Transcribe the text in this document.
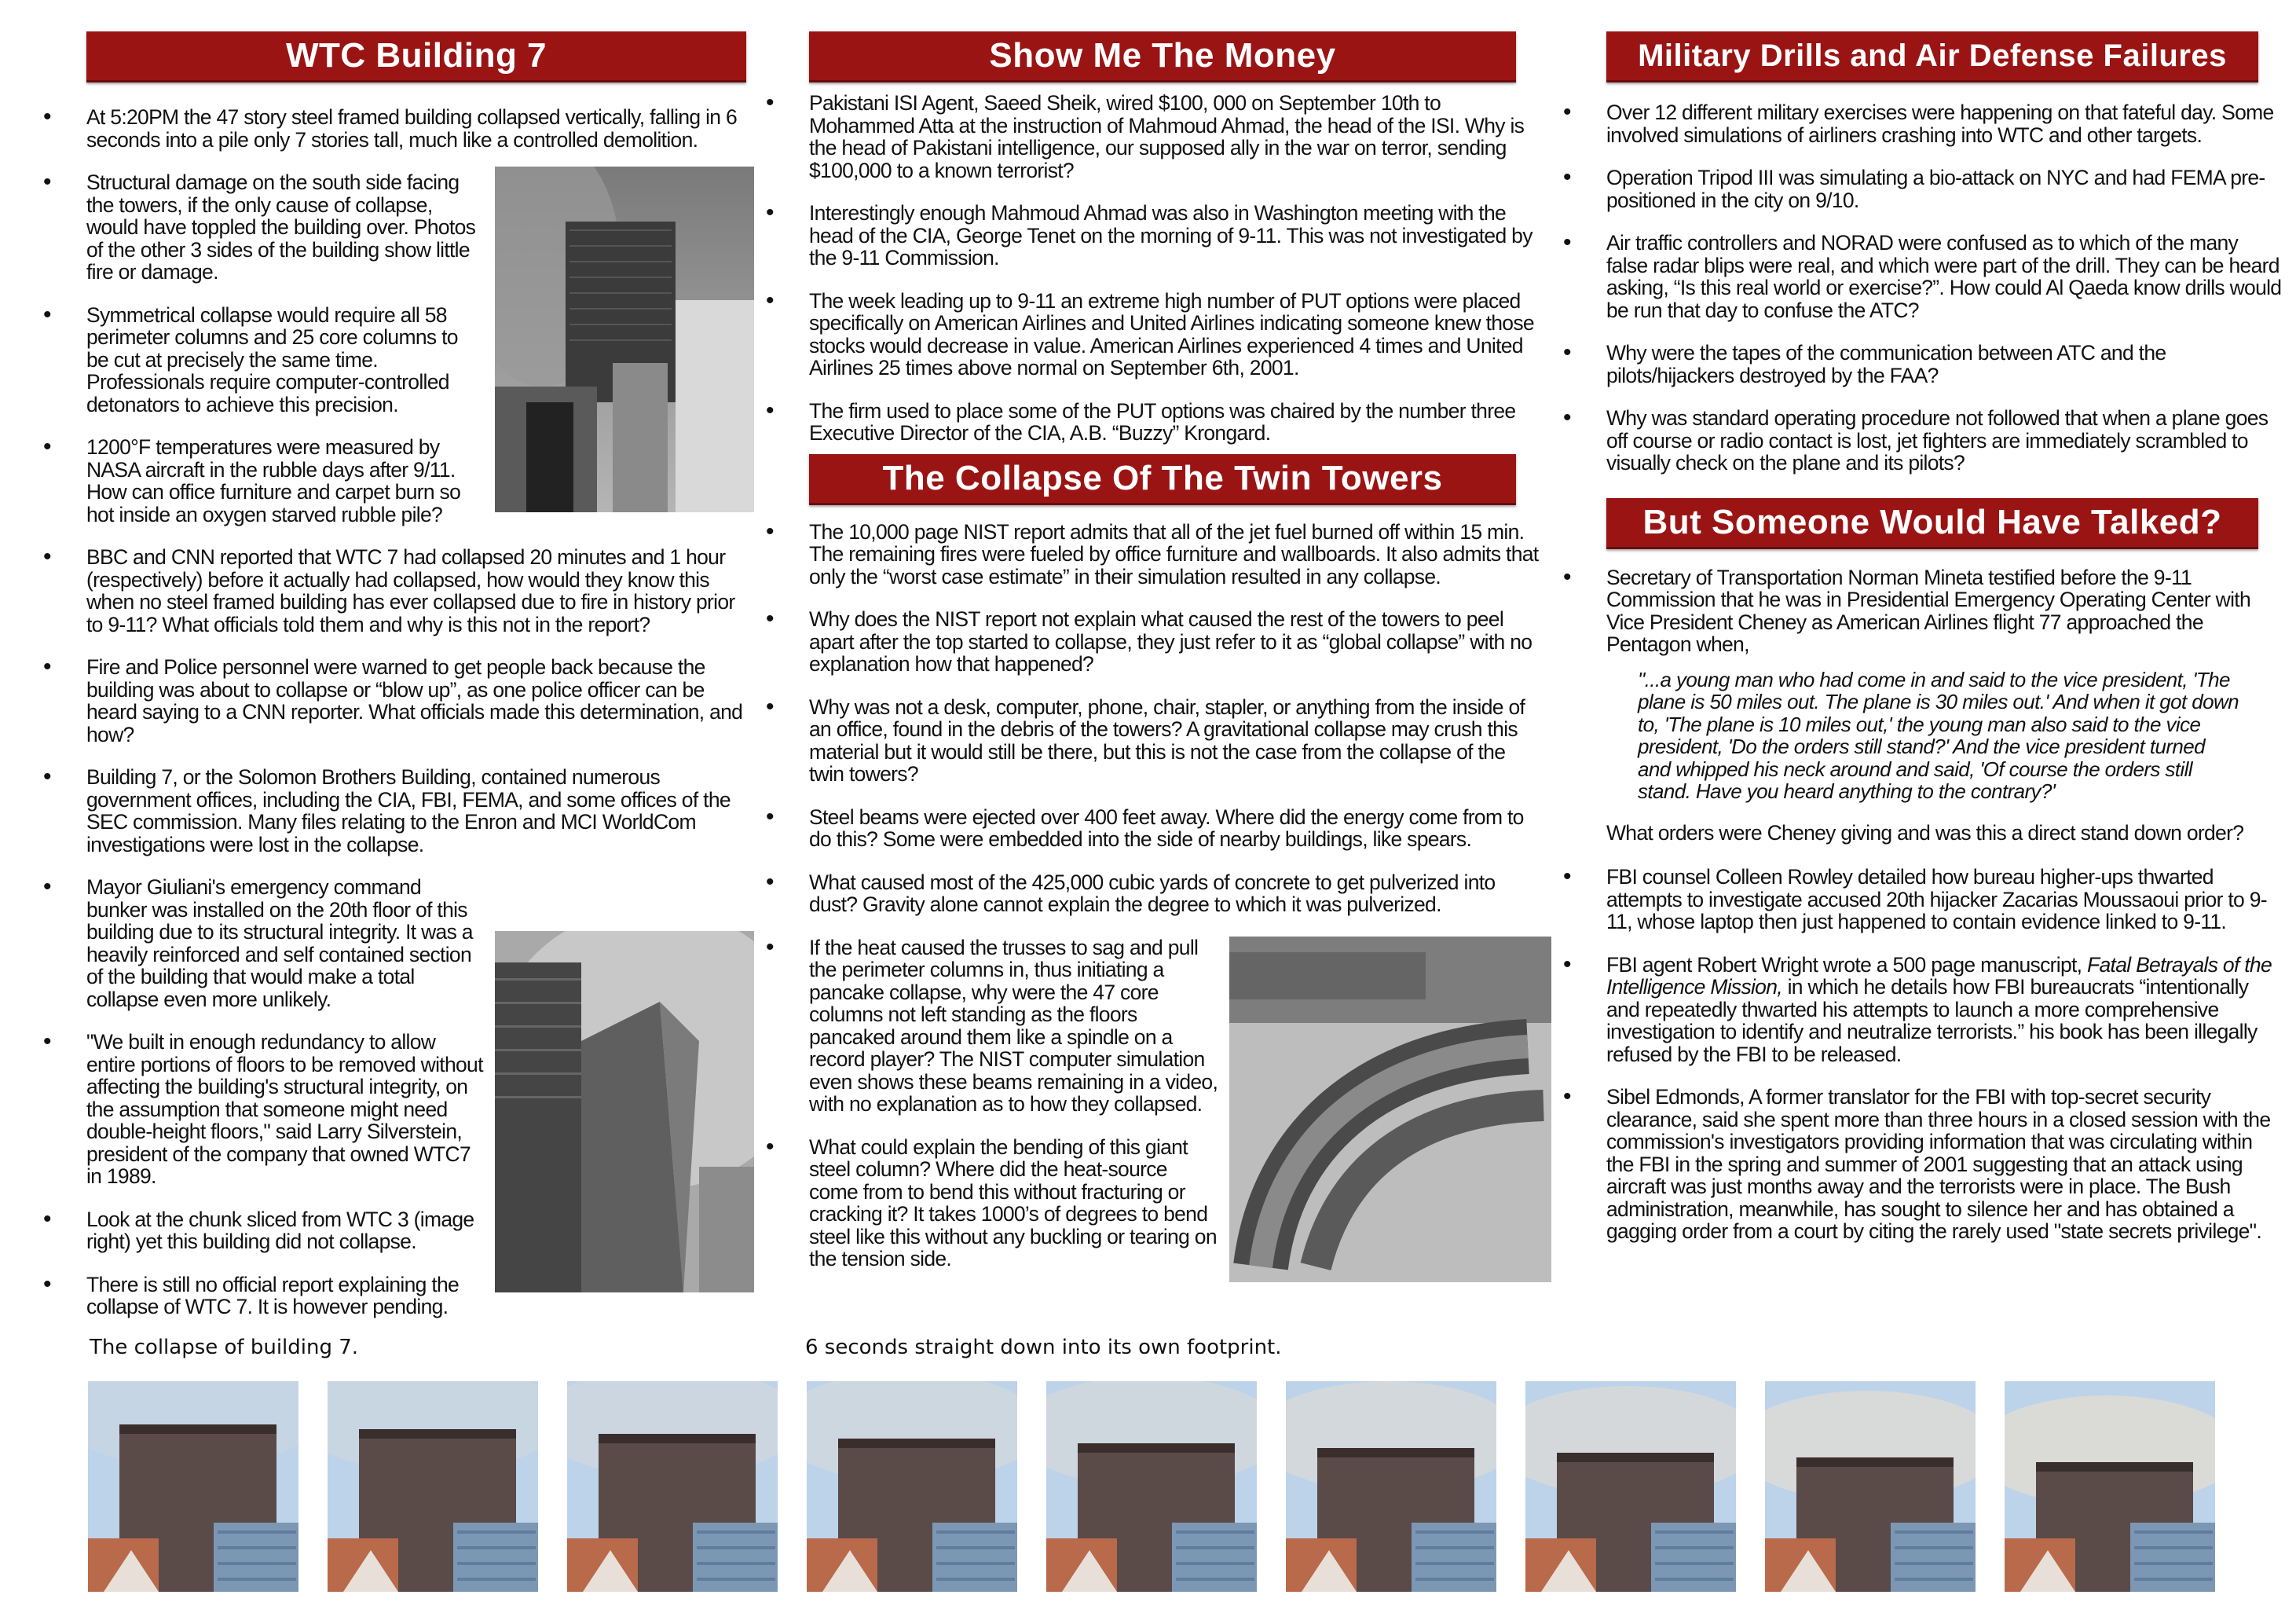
WTC Building 7
• At 5:20PM the 47 story steel framed building collapsed vertically, falling in 6 seconds into a pile only 7 stories tall, much like a controlled demolition.
• Structural damage on the south side facing the towers, if the only cause of collapse, would have toppled the building over. Photos of the other 3 sides of the building show little fire or damage.
• Symmetrical collapse would require all 58 perimeter columns and 25 core columns to be cut at precisely the same time. Professionals require computer-controlled detonators to achieve this precision.
• 1200°F temperatures were measured by NASA aircraft in the rubble days after 9/11. How can office furniture and carpet burn so hot inside an oxygen starved rubble pile?
• BBC and CNN reported that WTC 7 had collapsed 20 minutes and 1 hour (respectively) before it actually had collapsed, how would they know this when no steel framed building has ever collapsed due to fire in history prior to 9-11? What officials told them and why is this not in the report?
• Fire and Police personnel were warned to get people back because the building was about to collapse or “blow up”, as one police officer can be heard saying to a CNN reporter. What officials made this determination, and how?
• Building 7, or the Solomon Brothers Building, contained numerous government offices, including the CIA, FBI, FEMA, and some offices of the SEC commission. Many files relating to the Enron and MCI WorldCom investigations were lost in the collapse.
• Mayor Giuliani's emergency command bunker was installed on the 20th floor of this building due to its structural integrity. It was a heavily reinforced and self contained section of the building that would make a total collapse even more unlikely.
• "We built in enough redundancy to allow entire portions of floors to be removed without affecting the building's structural integrity, on the assumption that someone might need double-height floors," said Larry Silverstein, president of the company that owned WTC7 in 1989.
• Look at the chunk sliced from WTC 3 (image right) yet this building did not collapse.
• There is still no official report explaining the collapse of WTC 7. It is however pending.
Show Me The Money
• Pakistani ISI Agent, Saeed Sheik, wired $100, 000 on September 10th to Mohammed Atta at the instruction of Mahmoud Ahmad, the head of the ISI. Why is the head of Pakistani intelligence, our supposed ally in the war on terror, sending $100,000 to a known terrorist?
• Interestingly enough Mahmoud Ahmad was also in Washington meeting with the head of the CIA, George Tenet on the morning of 9-11. This was not investigated by the 9-11 Commission.
• The week leading up to 9-11 an extreme high number of PUT options were placed specifically on American Airlines and United Airlines indicating someone knew those stocks would decrease in value. American Airlines experienced 4 times and United Airlines 25 times above normal on September 6th, 2001.
• The firm used to place some of the PUT options was chaired by the number three Executive Director of the CIA, A.B. “Buzzy” Krongard.
The Collapse Of The Twin Towers
• The 10,000 page NIST report admits that all of the jet fuel burned off within 15 min. The remaining fires were fueled by office furniture and wallboards. It also admits that only the “worst case estimate” in their simulation resulted in any collapse.
• Why does the NIST report not explain what caused the rest of the towers to peel apart after the top started to collapse, they just refer to it as “global collapse” with no explanation how that happened?
• Why was not a desk, computer, phone, chair, stapler, or anything from the inside of an office, found in the debris of the towers? A gravitational collapse may crush this material but it would still be there, but this is not the case from the collapse of the twin towers?
• Steel beams were ejected over 400 feet away. Where did the energy come from to do this? Some were embedded into the side of nearby buildings, like spears.
• What caused most of the 425,000 cubic yards of concrete to get pulverized into dust? Gravity alone cannot explain the degree to which it was pulverized.
• If the heat caused the trusses to sag and pull the perimeter columns in, thus initiating a pancake collapse, why were the 47 core columns not left standing as the floors pancaked around them like a spindle on a record player? The NIST computer simulation even shows these beams remaining in a video, with no explanation as to how they collapsed.
• What could explain the bending of this giant steel column? Where did the heat-source come from to bend this without fracturing or cracking it? It takes 1000’s of degrees to bend steel like this without any buckling or tearing on the tension side.
Military Drills and Air Defense Failures
• Over 12 different military exercises were happening on that fateful day. Some involved simulations of airliners crashing into WTC and other targets.
• Operation Tripod III was simulating a bio-attack on NYC and had FEMA pre-positioned in the city on 9/10.
• Air traffic controllers and NORAD were confused as to which of the many false radar blips were real, and which were part of the drill. They can be heard asking, “Is this real world or exercise?”. How could Al Qaeda know drills would be run that day to confuse the ATC?
• Why were the tapes of the communication between ATC and the pilots/hijackers destroyed by the FAA?
• Why was standard operating procedure not followed that when a plane goes off course or radio contact is lost, jet fighters are immediately scrambled to visually check on the plane and its pilots?
But Someone Would Have Talked?
• Secretary of Transportation Norman Mineta testified before the 9-11 Commission that he was in Presidential Emergency Operating Center with Vice President Cheney as American Airlines flight 77 approached the Pentagon when,
"...a young man who had come in and said to the vice president, 'The plane is 50 miles out. The plane is 30 miles out.' And when it got down to, 'The plane is 10 miles out,' the young man also said to the vice president, 'Do the orders still stand?' And the vice president turned and whipped his neck around and said, 'Of course the orders still stand. Have you heard anything to the contrary?'
What orders were Cheney giving and was this a direct stand down order?
• FBI counsel Colleen Rowley detailed how bureau higher-ups thwarted attempts to investigate accused 20th hijacker Zacarias Moussaoui prior to 9-11, whose laptop then just happened to contain evidence linked to 9-11.
• FBI agent Robert Wright wrote a 500 page manuscript, Fatal Betrayals of the Intelligence Mission, in which he details how FBI bureaucrats “intentionally and repeatedly thwarted his attempts to launch a more comprehensive investigation to identify and neutralize terrorists.” his book has been illegally refused by the FBI to be released.
• Sibel Edmonds, A former translator for the FBI with top-secret security clearance, said she spent more than three hours in a closed session with the commission's investigators providing information that was circulating within the FBI in the spring and summer of 2001 suggesting that an attack using aircraft was just months away and the terrorists were in place. The Bush administration, meanwhile, has sought to silence her and has obtained a gagging order from a court by citing the rarely used "state secrets privilege".
The collapse of building 7.	6 seconds straight down into its own footprint.
